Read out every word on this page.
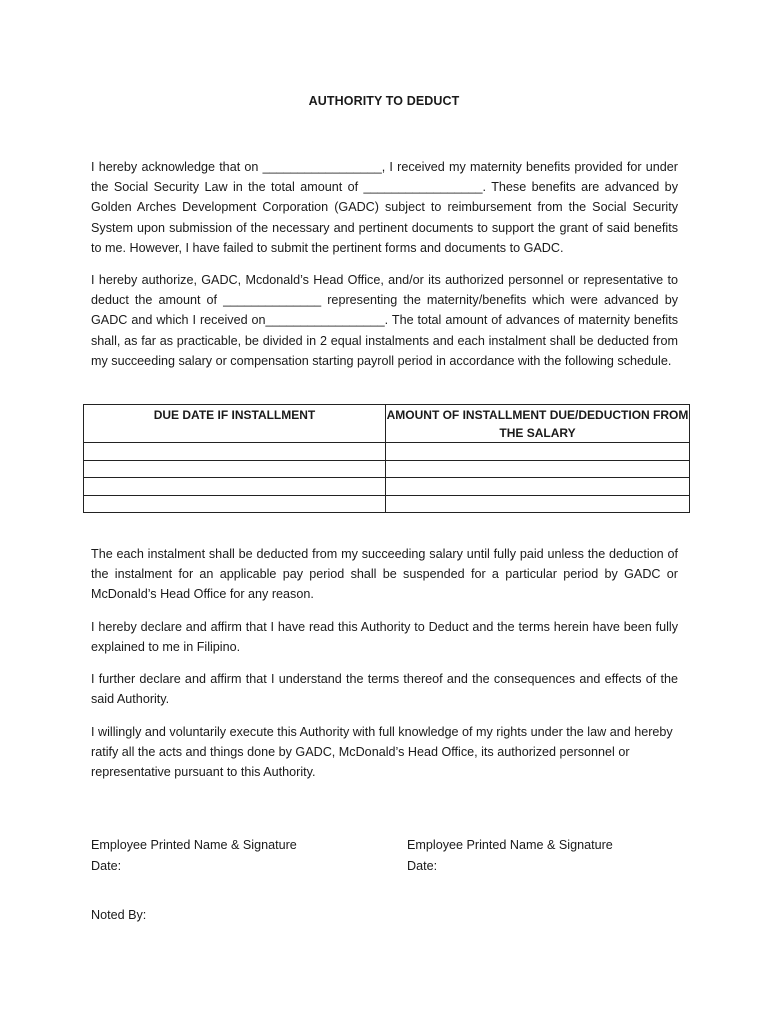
AUTHORITY TO DEDUCT

I hereby acknowledge that on _________________, I received my maternity benefits provided for under the Social Security Law in the total amount of _________________. These benefits are advanced by Golden Arches Development Corporation (GADC) subject to reimbursement from the Social Security System upon submission of the necessary and pertinent documents to support the grant of said benefits to me. However, I have failed to submit the pertinent forms and documents to GADC.

I hereby authorize, GADC, Mcdonald’s Head Office, and/or its authorized personnel or representative to deduct the amount of ______________ representing the maternity/benefits which were advanced by GADC and which I received on_________________. The total amount of advances of maternity benefits shall, as far as practicable, be divided in 2 equal instalments and each instalment shall be deducted from my succeeding salary or compensation starting payroll period in accordance with the following schedule.

DUE DATE IF INSTALLMENT	AMOUNT OF INSTALLMENT DUE/DEDUCTION FROM THE SALARY

The each instalment shall be deducted from my succeeding salary until fully paid unless the deduction of the instalment for an applicable pay period shall be suspended for a particular period by GADC or McDonald’s Head Office for any reason.

I hereby declare and affirm that I have read this Authority to Deduct and the terms herein have been fully explained to me in Filipino.

I further declare and affirm that I understand the terms thereof and the consequences and effects of the said Authority.

I willingly and voluntarily execute this Authority with full knowledge of my rights under the law and hereby ratify all the acts and things done by GADC, McDonald’s Head Office, its authorized personnel or representative pursuant to this Authority.

Employee Printed Name & Signature
Date:
Employee Printed Name & Signature
Date:
Noted By:
